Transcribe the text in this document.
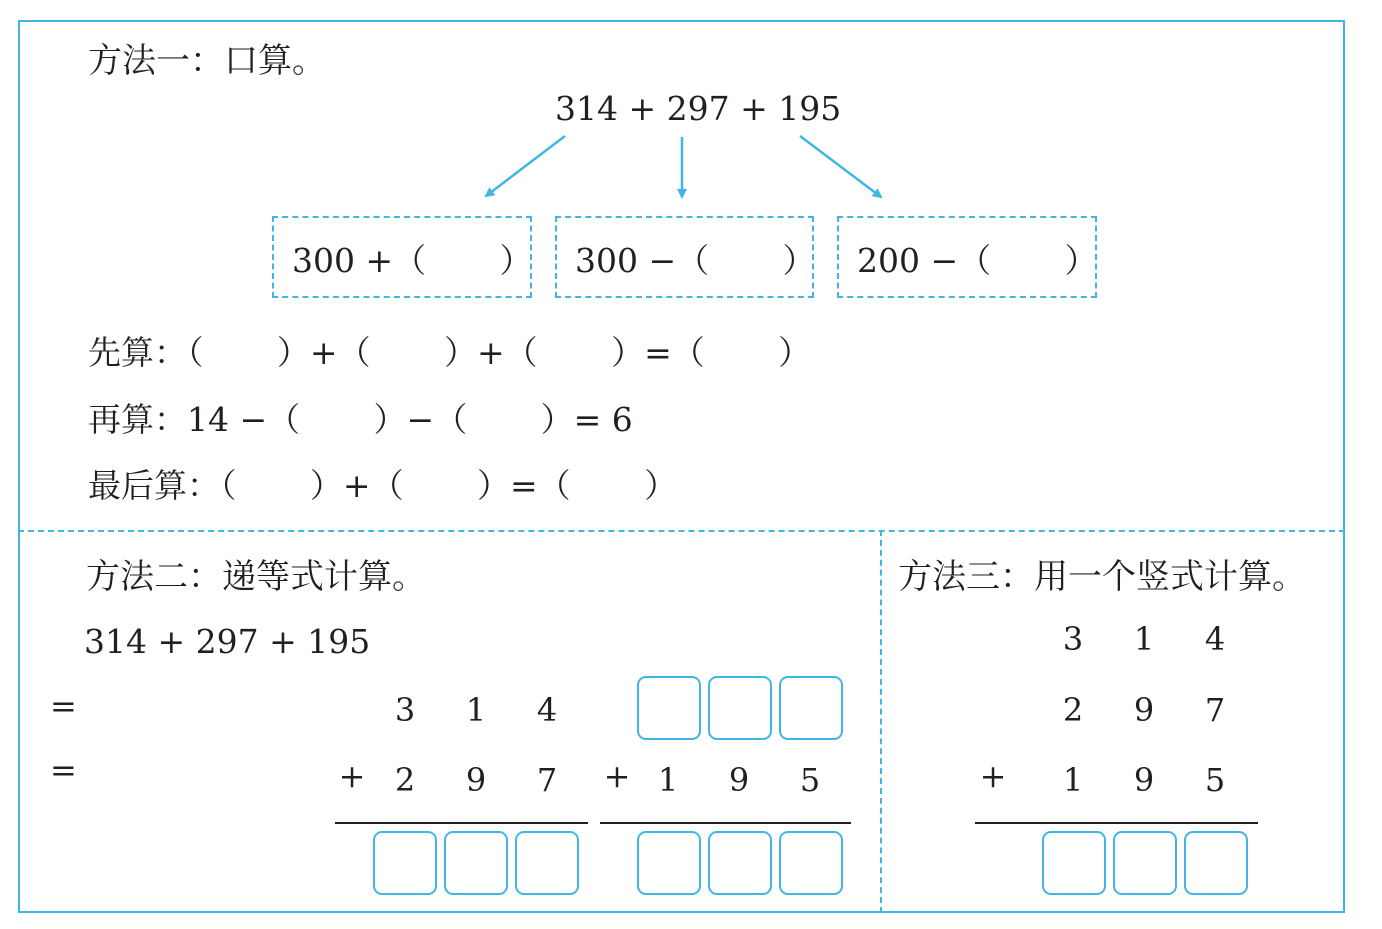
方法一：口算。
314 + 297 + 195
300 +（       ） 300 −（       ） 200 −（       ）
先算：（       ）+（       ）+（       ）=（       ）
再算：14 −（       ）−（       ）= 6
最后算：（       ）+（       ）=（       ）
方法二：递等式计算。
314 + 297 + 195
=
=
3 1 4
+ 2 9 7 + 1 9 5
方法三：用一个竖式计算。
3 1 4
2 9 7
+ 1 9 5
